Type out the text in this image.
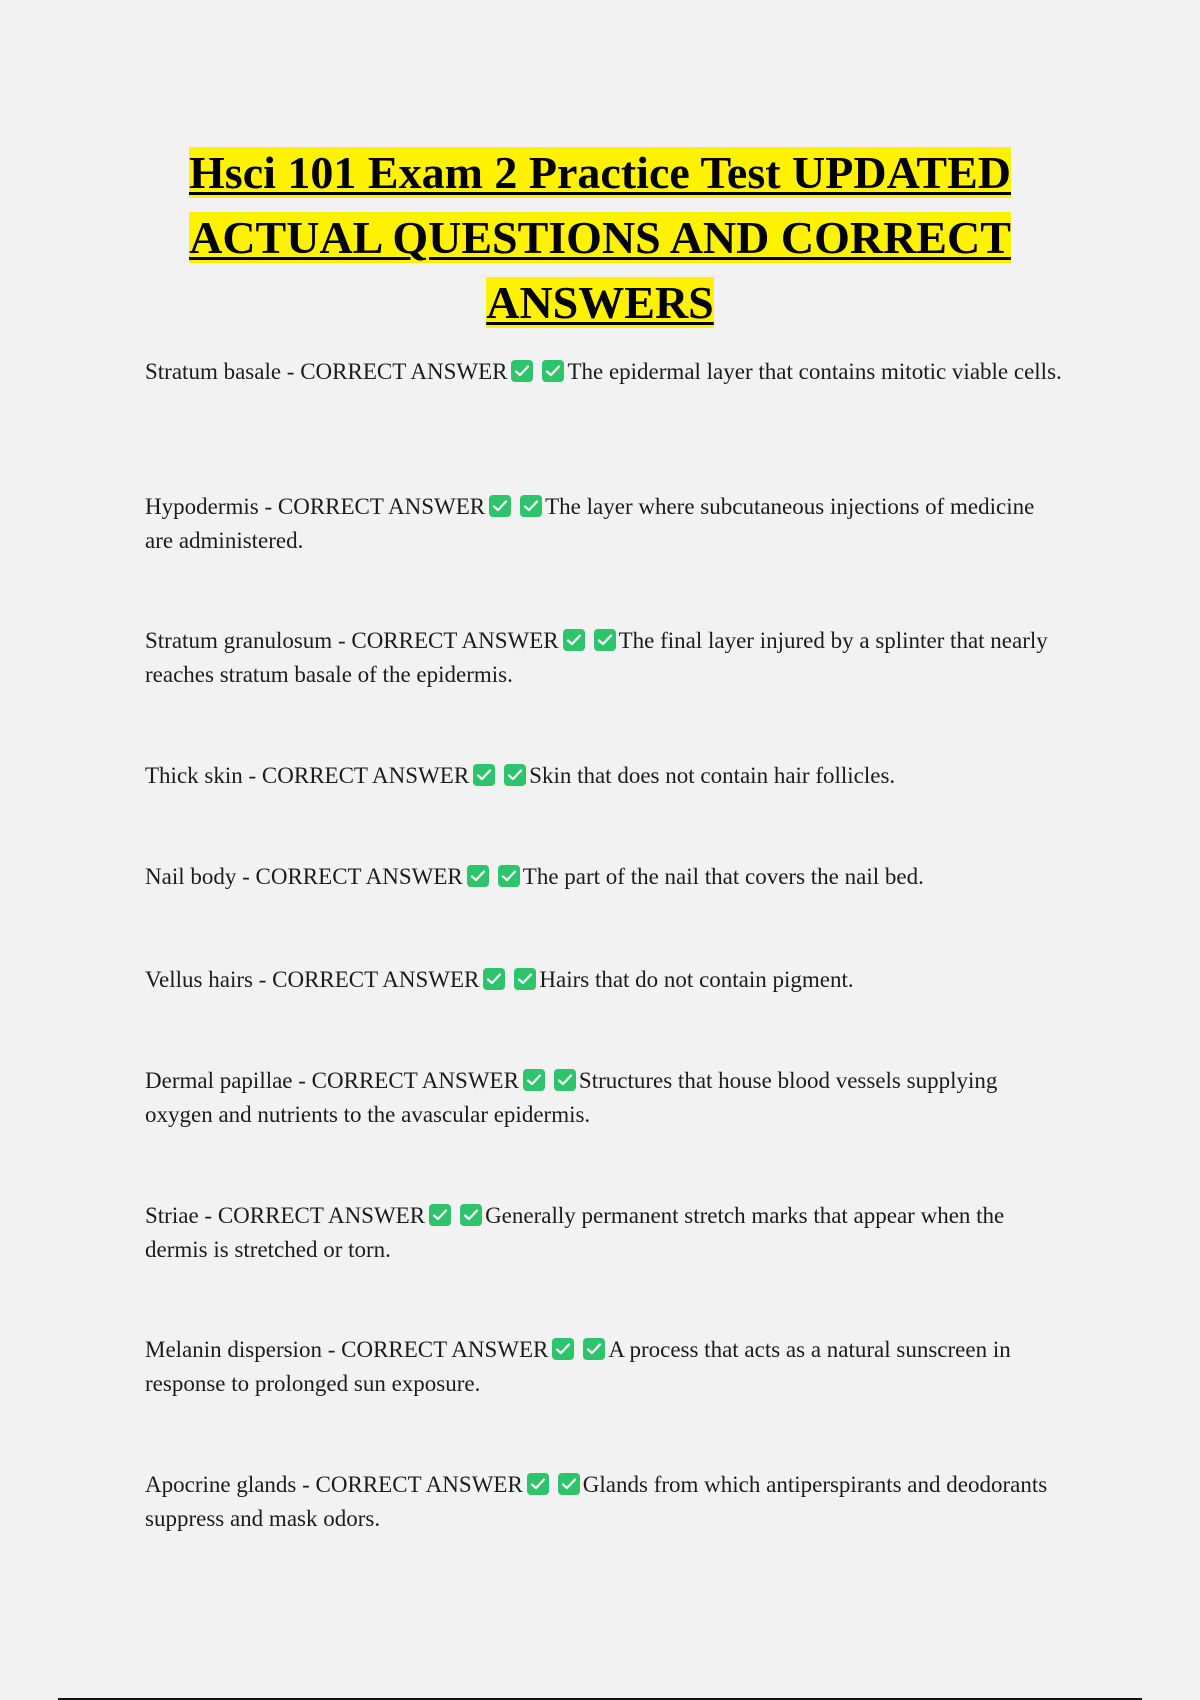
Hsci 101 Exam 2 Practice Test UPDATED
ACTUAL QUESTIONS AND CORRECT
ANSWERS

Stratum basale - CORRECT ANSWER	The epidermal layer that contains mitotic viable cells.

Hypodermis - CORRECT ANSWER	The layer where subcutaneous injections of medicine are administered.

Stratum granulosum - CORRECT ANSWER	The final layer injured by a splinter that nearly reaches stratum basale of the epidermis.

Thick skin - CORRECT ANSWER	Skin that does not contain hair follicles.

Nail body - CORRECT ANSWER	The part of the nail that covers the nail bed.

Vellus hairs - CORRECT ANSWER	Hairs that do not contain pigment.

Dermal papillae - CORRECT ANSWER	Structures that house blood vessels supplying oxygen and nutrients to the avascular epidermis.

Striae - CORRECT ANSWER	Generally permanent stretch marks that appear when the dermis is stretched or torn.

Melanin dispersion - CORRECT ANSWER	A process that acts as a natural sunscreen in response to prolonged sun exposure.

Apocrine glands - CORRECT ANSWER	Glands from which antiperspirants and deodorants suppress and mask odors.
